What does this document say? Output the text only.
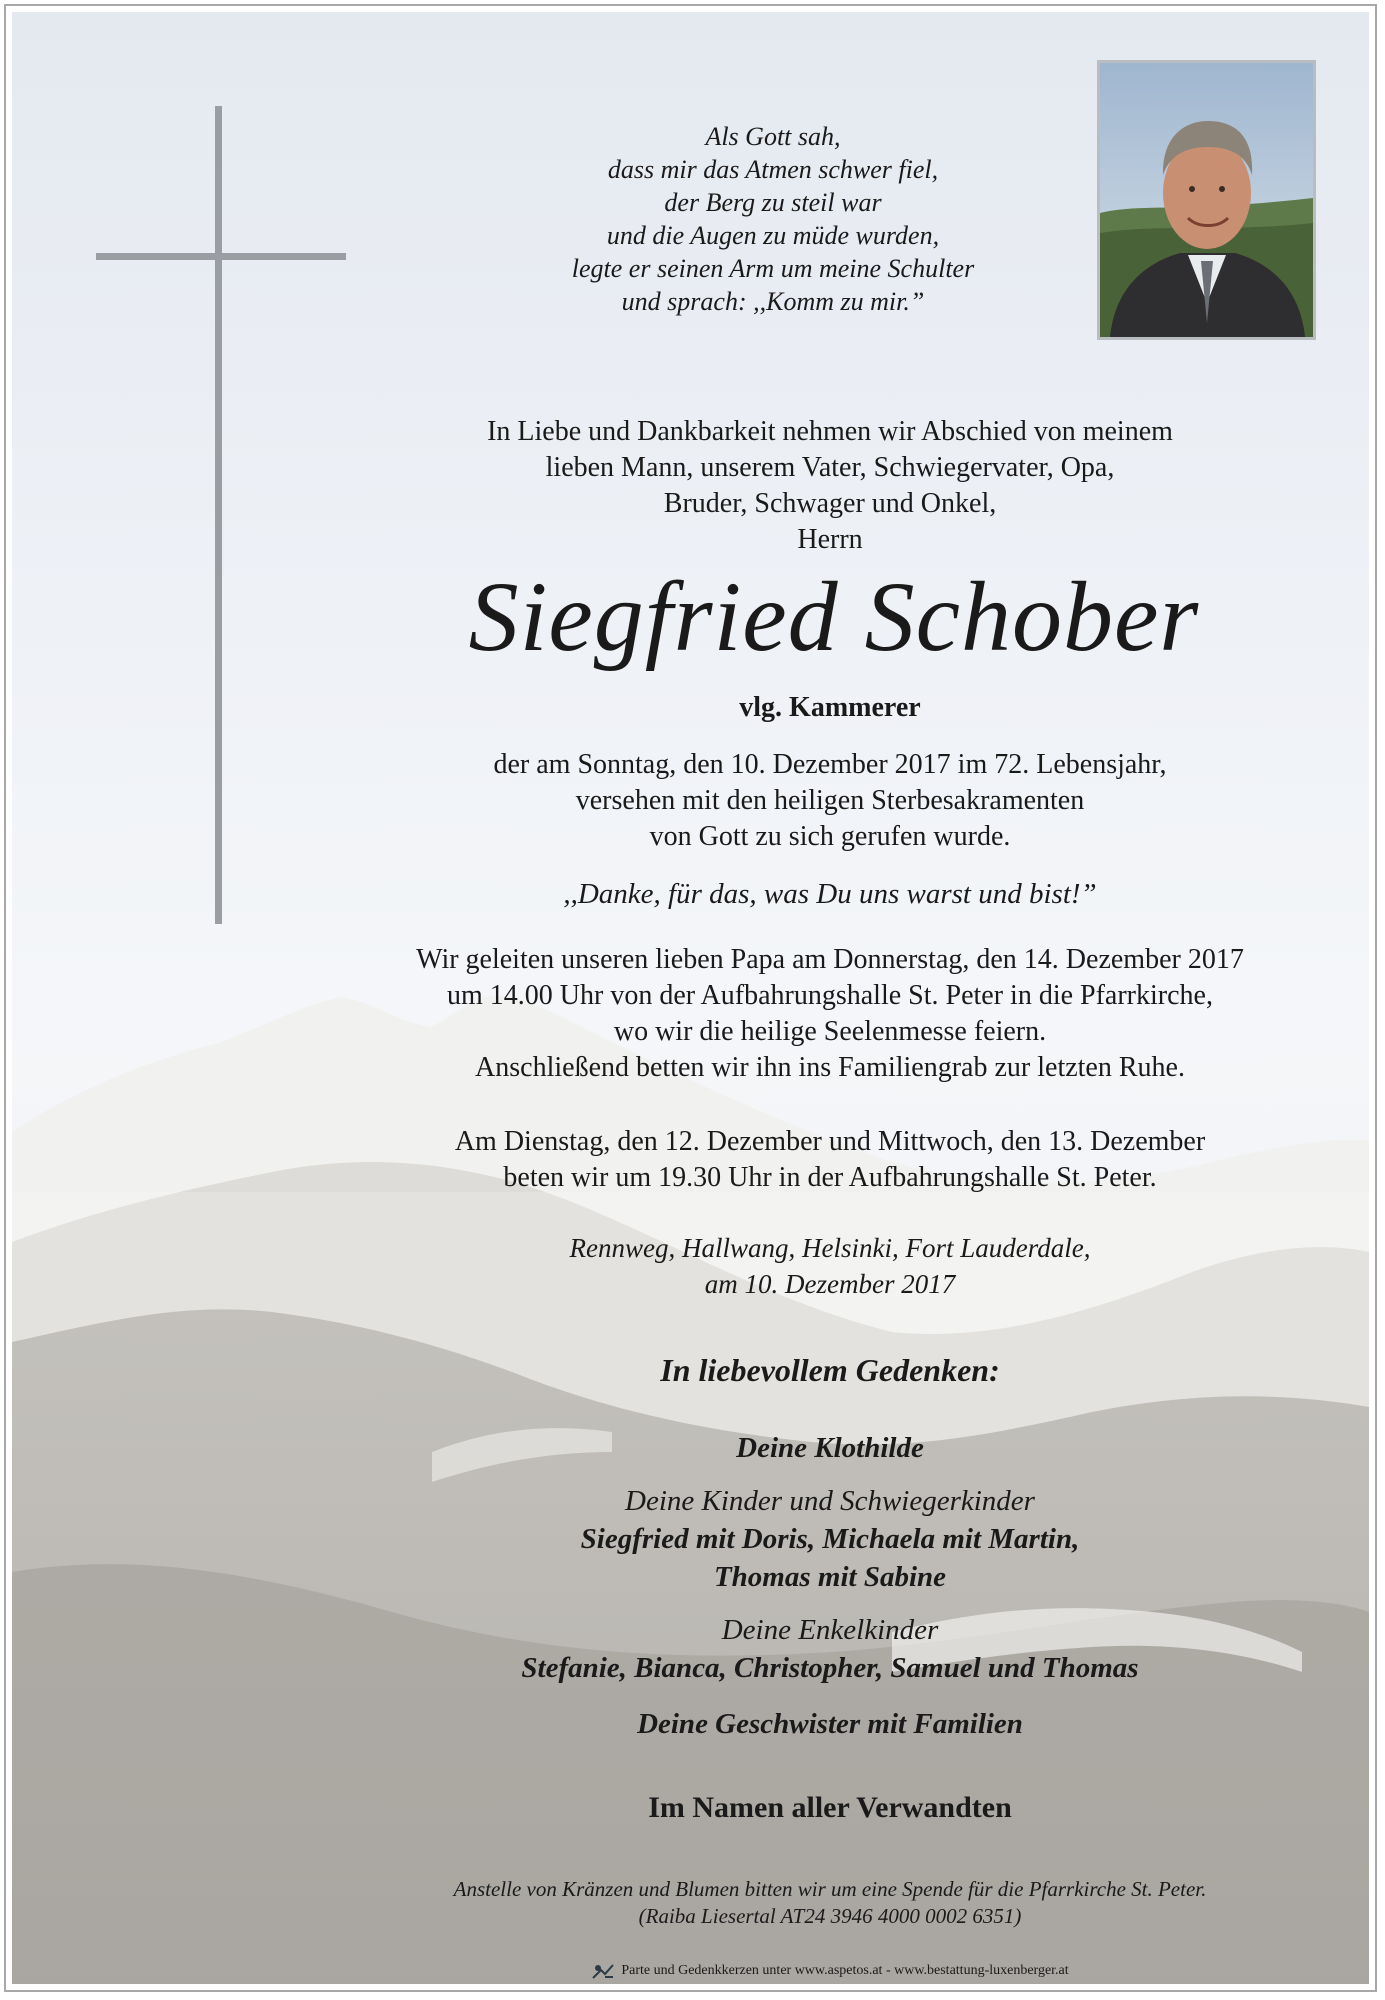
Als Gott sah,
dass mir das Atmen schwer fiel,
der Berg zu steil war
und die Augen zu müde wurden,
legte er seinen Arm um meine Schulter
und sprach: ,,Komm zu mir.”
In Liebe und Dankbarkeit nehmen wir Abschied von meinem
lieben Mann, unserem Vater, Schwiegervater, Opa,
Bruder, Schwager und Onkel,
Herrn
Siegfried Schober
vlg. Kammerer
der am Sonntag, den 10. Dezember 2017 im 72. Lebensjahr,
versehen mit den heiligen Sterbesakramenten
von Gott zu sich gerufen wurde.
,,Danke, für das, was Du uns warst und bist!”
Wir geleiten unseren lieben Papa am Donnerstag, den 14. Dezember 2017
um 14.00 Uhr von der Aufbahrungshalle St. Peter in die Pfarrkirche,
wo wir die heilige Seelenmesse feiern.
Anschließend betten wir ihn ins Familiengrab zur letzten Ruhe.
Am Dienstag, den 12. Dezember und Mittwoch, den 13. Dezember
beten wir um 19.30 Uhr in der Aufbahrungshalle St. Peter.
Rennweg, Hallwang, Helsinki, Fort Lauderdale,
am 10. Dezember 2017
In liebevollem Gedenken:
Deine Klothilde
Deine Kinder und Schwiegerkinder
Siegfried mit Doris, Michaela mit Martin,
Thomas mit Sabine
Deine Enkelkinder
Stefanie, Bianca, Christopher, Samuel und Thomas
Deine Geschwister mit Familien
Im Namen aller Verwandten
Anstelle von Kränzen und Blumen bitten wir um eine Spende für die Pfarrkirche St. Peter.
(Raiba Liesertal AT24 3946 4000 0002 6351)
Parte und Gedenkkerzen unter www.aspetos.at - www.bestattung-luxenberger.at
